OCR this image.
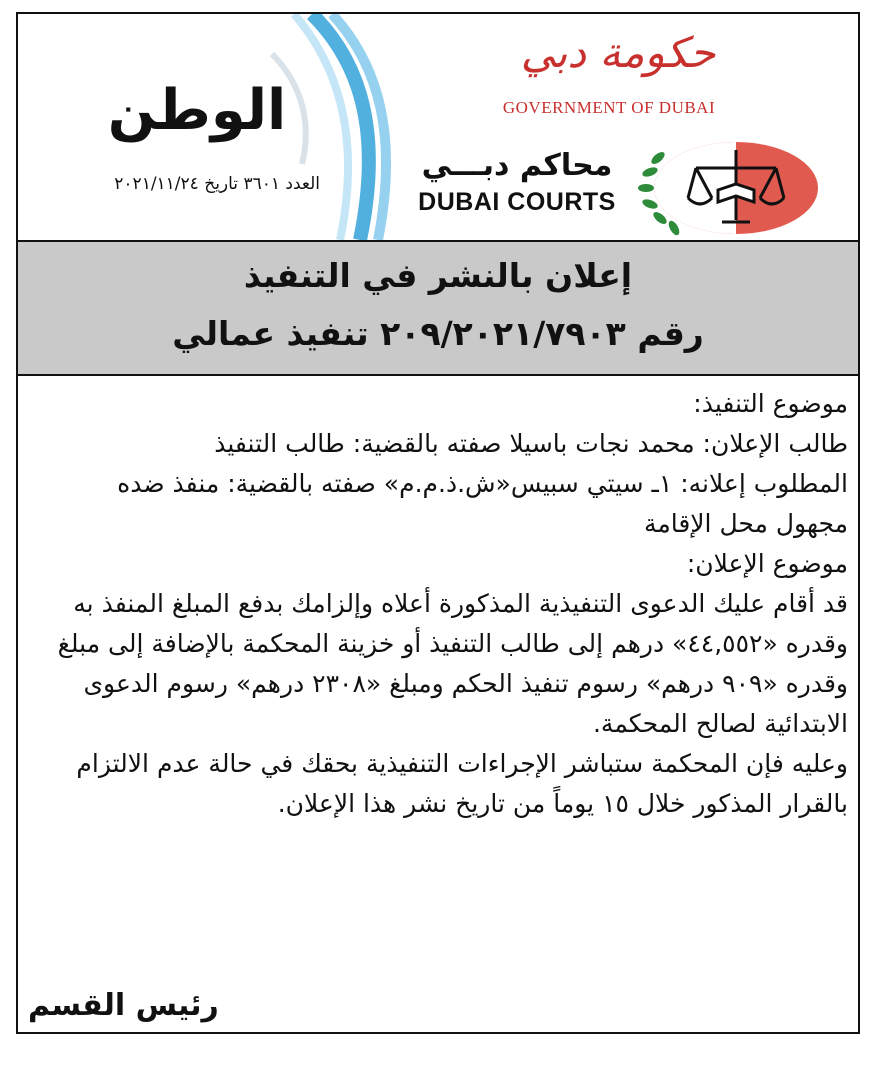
الوطن
العدد ٣٦٠١ تاريخ ٢٠٢١/١١/٢٤
حكومة دبي
GOVERNMENT OF DUBAI
محاكم دبـــي
DUBAI COURTS
إعلان بالنشر في التنفيذ
رقم ٢٠٩/٢٠٢١/٧٩٠٣ تنفيذ عمالي

موضوع التنفيذ:

طالب الإعلان: محمد نجات باسيلا صفته بالقضية: طالب التنفيذ

المطلوب إعلانه: ١ـ سيتي سبيس«ش.ذ.م.م» صفته بالقضية: منفذ ضده

مجهول محل الإقامة

موضوع الإعلان:

قد أقام عليك الدعوى التنفيذية المذكورة أعلاه وإلزامك بدفع المبلغ المنفذ به وقدره «٤٤,٥٥٢» درهم إلى طالب التنفيذ أو خزينة المحكمة بالإضافة إلى مبلغ وقدره «٩٠٩ درهم» رسوم تنفيذ الحكم ومبلغ «٢٣٠٨ درهم» رسوم الدعوى الابتدائية لصالح المحكمة.

وعليه فإن المحكمة ستباشر الإجراءات التنفيذية بحقك في حالة عدم الالتزام بالقرار المذكور خلال ١٥ يوماً من تاريخ نشر هذا الإعلان.

رئيس القسم
